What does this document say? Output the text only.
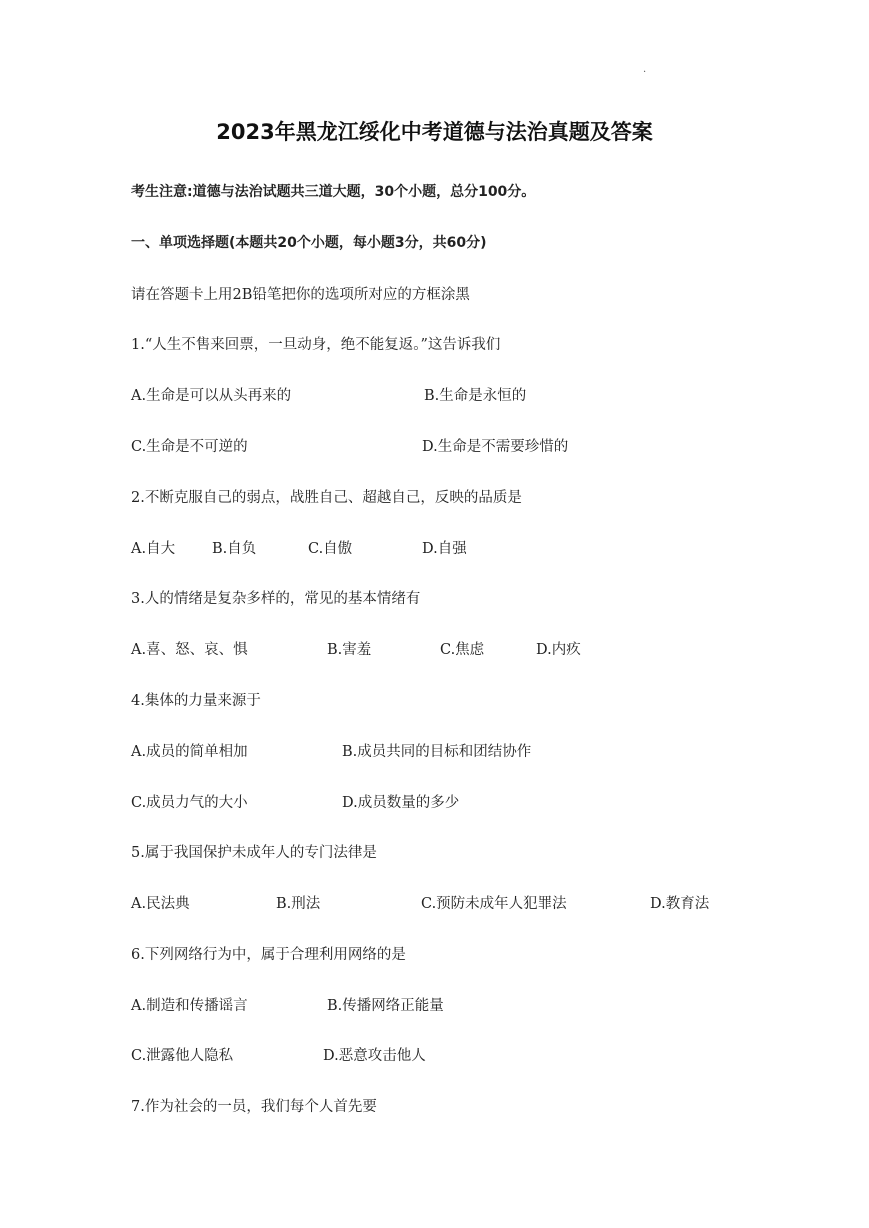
.
2023年黑龙江绥化中考道德与法治真题及答案
考生注意:道德与法治试题共三道大题，30个小题，总分100分。
一、单项选择题(本题共20个小题，每小题3分，共60分)
请在答题卡上用2B铅笔把你的选项所对应的方框涂黑
1.“人生不售来回票，一旦动身，绝不能复返。”这告诉我们
A.生命是可以从头再来的	B.生命是永恒的
C.生命是不可逆的	D.生命是不需要珍惜的
2.不断克服自己的弱点，战胜自己、超越自己，反映的品质是
A.自大	B.自负	C.自傲	D.自强
3.人的情绪是复杂多样的，常见的基本情绪有
A.喜、怒、哀、惧	B.害羞	C.焦虑	D.内疚
4.集体的力量来源于
A.成员的简单相加	B.成员共同的目标和团结协作
C.成员力气的大小	D.成员数量的多少
5.属于我国保护未成年人的专门法律是
A.民法典	B.刑法	C.预防未成年人犯罪法	D.教育法
6.下列网络行为中，属于合理利用网络的是
A.制造和传播谣言	B.传播网络正能量
C.泄露他人隐私	D.恶意攻击他人
7.作为社会的一员，我们每个人首先要
